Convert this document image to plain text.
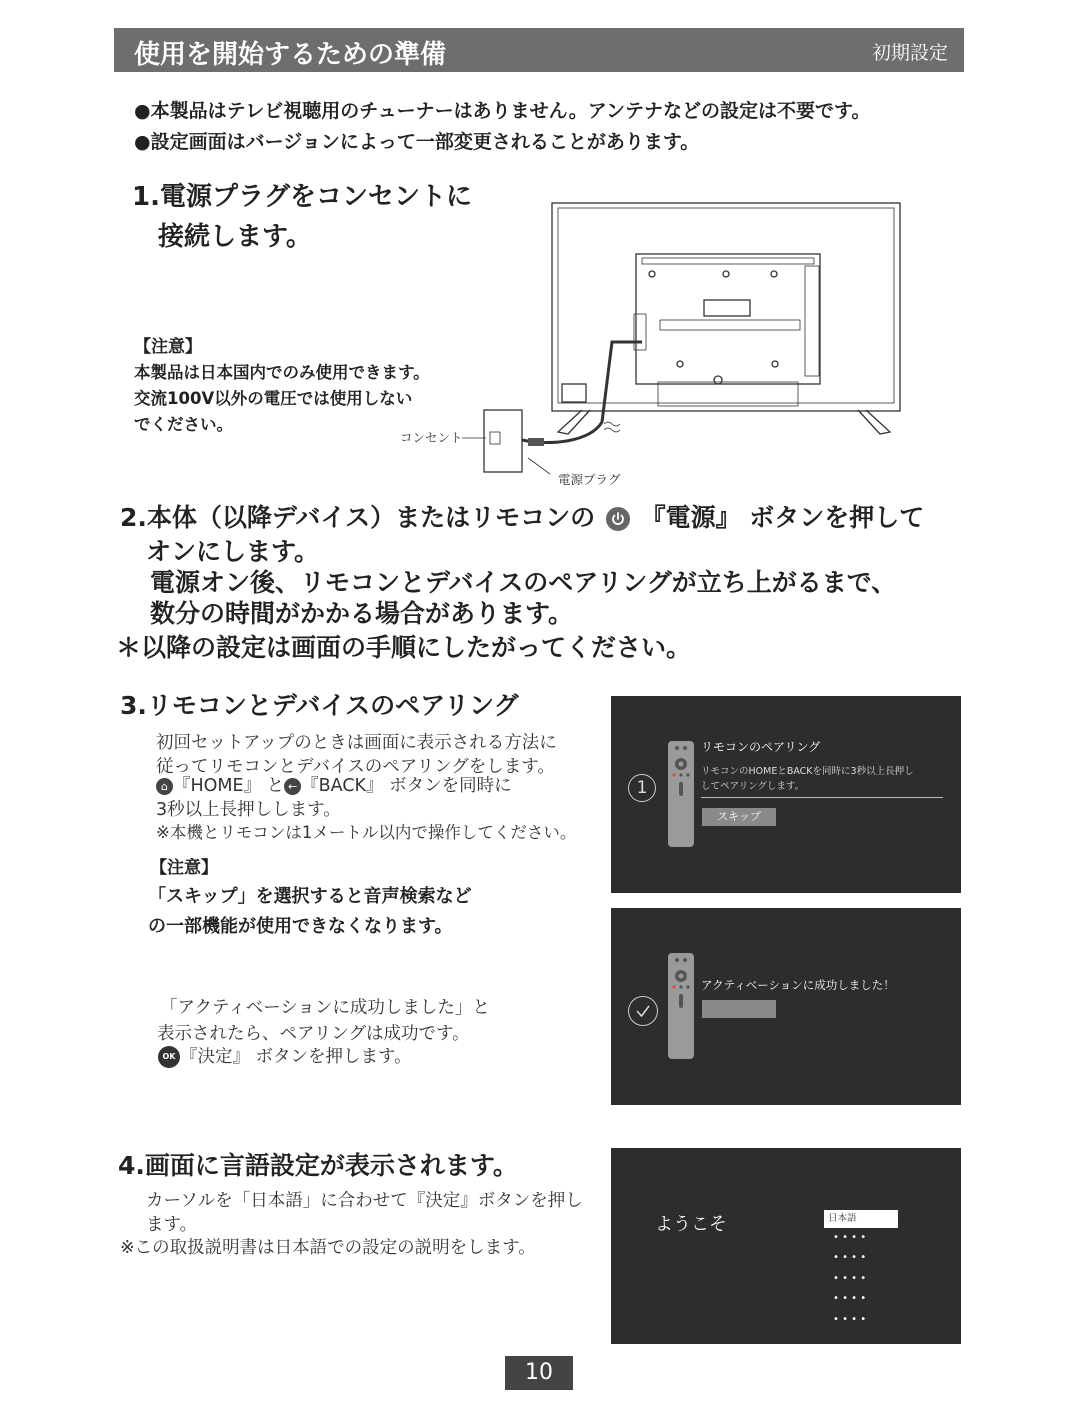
使用を開始するための準備	初期設定
●本製品はテレビ視聴用のチューナーはありません。アンテナなどの設定は不要です。
●設定画面はバージョンによって一部変更されることがあります。
1.電源プラグをコンセントに
接続します。
【注意】
本製品は日本国内でのみ使用できます。
交流100V以外の電圧では使用しない
でください。
コンセント
電源プラグ
2.本体（以降デバイス）またはリモコンの 『電源』 ボタンを押して
オンにします。
電源オン後、リモコンとデバイスのペアリングが立ち上がるまで、
数分の時間がかかる場合があります。
＊以降の設定は画面の手順にしたがってください。
3.リモコンとデバイスのペアリング
初回セットアップのときは画面に表示される方法に
従ってリモコンとデバイスのペアリングをします。
⌂ 『HOME』 と ← 『BACK』 ボタンを同時に
3秒以上長押しします。
※本機とリモコンは1メートル以内で操作してください。
【注意】
「スキップ」を選択すると音声検索など
の一部機能が使用できなくなります。
「アクティベーションに成功しました」と
表示されたら、ペアリングは成功です。
OK 『決定』 ボタンを押します。
1
リモコンのペアリング
リモコンのHOMEとBACKを同時に3秒以上長押し
してペアリングします。
スキップ
アクティベーションに成功しました！
4.画面に言語設定が表示されます。
カーソルを「日本語」に合わせて『決定』ボタンを押し
ます。
※この取扱説明書は日本語での設定の説明をします。
ようこそ	日本語
• • • •
• • • •
• • • •
• • • •
• • • •
10
